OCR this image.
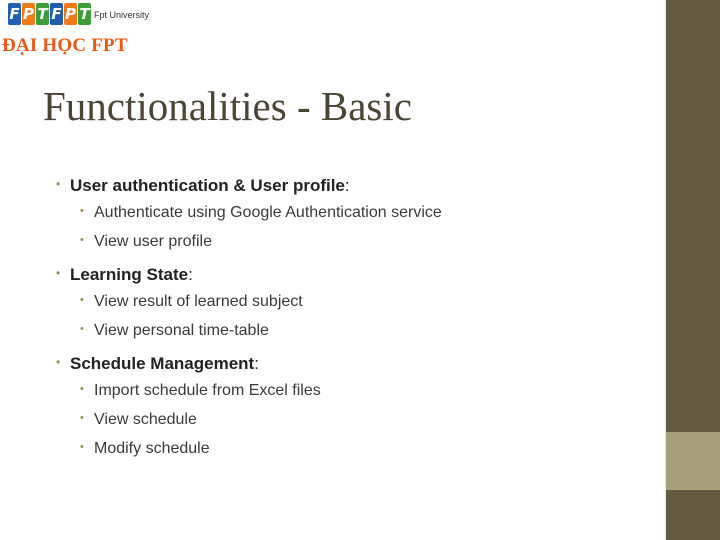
F P T F P T Fpt University
ĐẠI HỌC FPT
Functionalities - Basic
• User authentication & User profile:
• Authenticate using Google Authentication service
• View user profile
• Learning State:
• View result of learned subject
• View personal time-table
• Schedule Management:
• Import schedule from Excel files
• View schedule
• Modify schedule
